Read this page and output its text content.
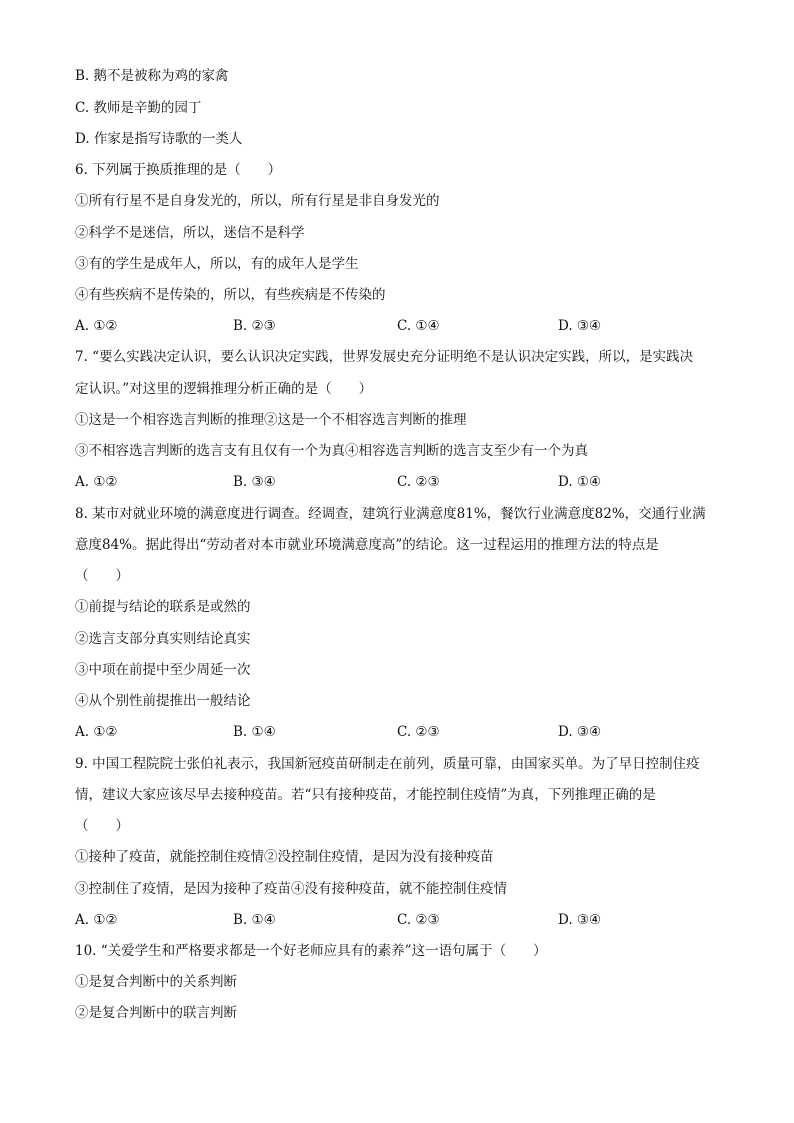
B. 鹅不是被称为鸡的家禽
C. 教师是辛勤的园丁
D. 作家是指写诗歌的一类人
6. 下列属于换质推理的是（　　）
①所有行星不是自身发光的，所以，所有行星是非自身发光的
②科学不是迷信，所以，迷信不是科学
③有的学生是成年人，所以，有的成年人是学生
④有些疾病不是传染的，所以，有些疾病是不传染的
A. ①②	B. ②③	C. ①④	D. ③④
7. “要么实践决定认识，要么认识决定实践，世界发展史充分证明绝不是认识决定实践，所以，是实践决
定认识。”对这里的逻辑推理分析正确的是（　　）
①这是一个相容选言判断的推理②这是一个不相容选言判断的推理
③不相容选言判断的选言支有且仅有一个为真④相容选言判断的选言支至少有一个为真
A. ①②	B. ③④	C. ②③	D. ①④
8. 某市对就业环境的满意度进行调查。经调查，建筑行业满意度81%，餐饮行业满意度82%，交通行业满
意度84%。据此得出“劳动者对本市就业环境满意度高”的结论。这一过程运用的推理方法的特点是
（　　）
①前提与结论的联系是或然的
②选言支部分真实则结论真实
③中项在前提中至少周延一次
④从个别性前提推出一般结论
A. ①②	B. ①④	C. ②③	D. ③④
9. 中国工程院院士张伯礼表示，我国新冠疫苗研制走在前列，质量可靠，由国家买单。为了早日控制住疫
情，建议大家应该尽早去接种疫苗。若“只有接种疫苗，才能控制住疫情”为真，下列推理正确的是
（　　）
①接种了疫苗，就能控制住疫情②没控制住疫情，是因为没有接种疫苗
③控制住了疫情，是因为接种了疫苗④没有接种疫苗，就不能控制住疫情
A. ①②	B. ①④	C. ②③	D. ③④
10. “关爱学生和严格要求都是一个好老师应具有的素养”这一语句属于（　　）
①是复合判断中的关系判断
②是复合判断中的联言判断
